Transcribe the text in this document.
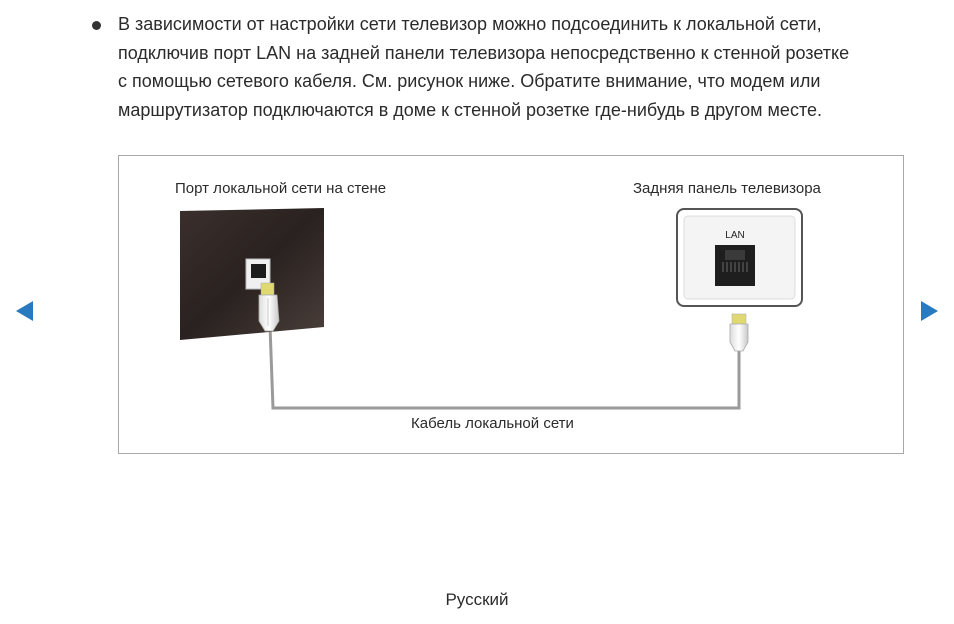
В зависимости от настройки сети телевизор можно подсоединить к локальной сети,
подключив порт LAN на задней панели телевизора непосредственно к стенной розетке
с помощью сетевого кабеля. См. рисунок ниже. Обратите внимание, что модем или
маршрутизатор подключаются в доме к стенной розетке где-нибудь в другом месте.
LAN
Порт локальной сети на стене	Задняя панель телевизора
Кабель локальной сети
Русский
